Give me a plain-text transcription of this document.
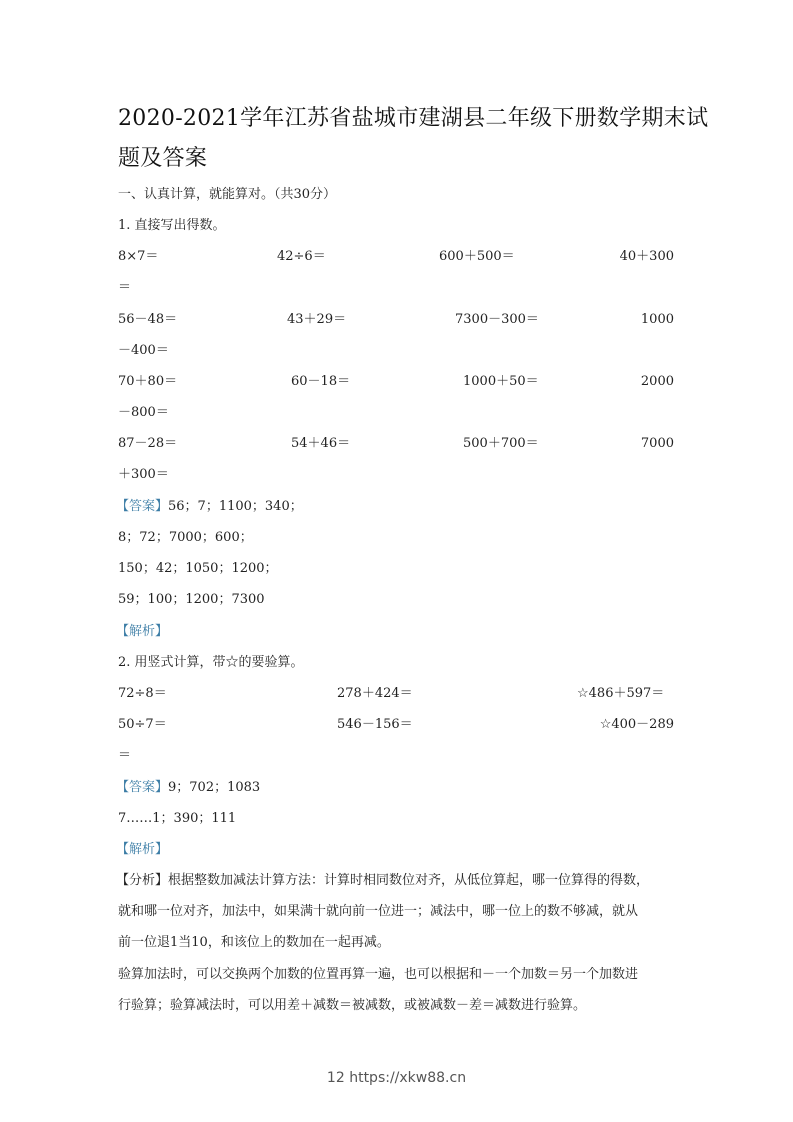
2020-2021学年江苏省盐城市建湖县二年级下册数学期末试
题及答案
一、认真计算，就能算对。（共30分）
1. 直接写出得数。
8×7＝	42÷6＝	600＋500＝	40＋300
＝
56－48＝	43＋29＝	7300－300＝	1000
－400＝
70＋80＝	60－18＝	1000＋50＝	2000
－800＝
87－28＝	54＋46＝	500＋700＝	7000
＋300＝
【答案】56；7；1100；340；
8；72；7000；600；
150；42；1050；1200；
59；100；1200；7300
【解析】
2. 用竖式计算，带☆的要验算。
72÷8＝	278＋424＝	☆486＋597＝
50÷7＝	546－156＝	☆400－289
＝
【答案】9；702；1083
7……1；390；111
【解析】
【分析】根据整数加减法计算方法：计算时相同数位对齐，从低位算起，哪一位算得的得数，
就和哪一位对齐，加法中，如果满十就向前一位进一；减法中，哪一位上的数不够减，就从
前一位退1当10，和该位上的数加在一起再减。
验算加法时，可以交换两个加数的位置再算一遍，也可以根据和－一个加数＝另一个加数进
行验算；验算减法时，可以用差＋减数＝被减数，或被减数－差＝减数进行验算。
12 https://xkw88.cn
